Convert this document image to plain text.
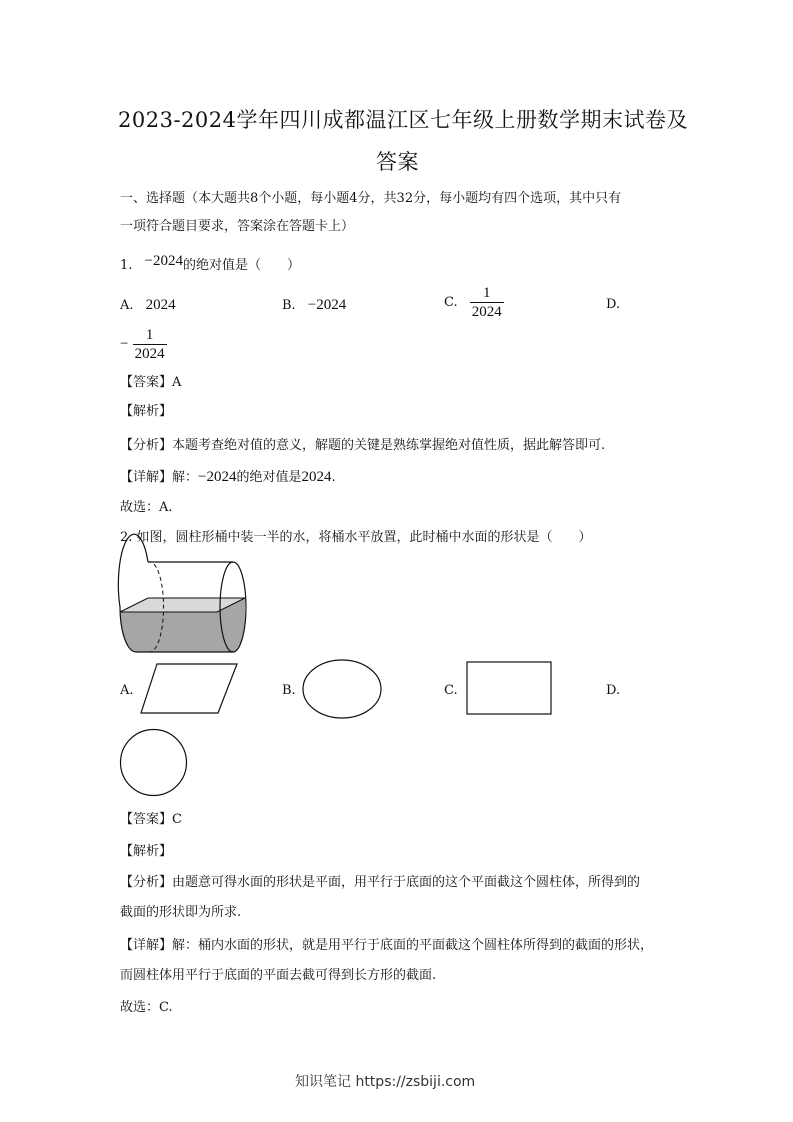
2023-2024学年四川成都温江区七年级上册数学期末试卷及
答案
一、选择题（本大题共8个小题，每小题4分，共32分，每小题均有四个选项，其中只有
一项符合题目要求，答案涂在答题卡上）
1. −2024的绝对值是（　　）
A. 2024	B. −2024	C. $\frac{1}{2024}$	D.
− $\frac{1}{2024}$
【答案】A
【解析】
【分析】本题考查绝对值的意义，解题的关键是熟练掌握绝对值性质，据此解答即可.
【详解】解：−2024的绝对值是2024.
故选：A.
2. 如图，圆柱形桶中装一半的水，将桶水平放置，此时桶中水面的形状是（　　）
A.	B.	C.	D.
【答案】C
【解析】
【分析】由题意可得水面的形状是平面，用平行于底面的这个平面截这个圆柱体，所得到的
截面的形状即为所求.
【详解】解：桶内水面的形状，就是用平行于底面的平面截这个圆柱体所得到的截面的形状，
而圆柱体用平行于底面的平面去截可得到长方形的截面.
故选：C.
知识笔记 https://zsbiji.com
